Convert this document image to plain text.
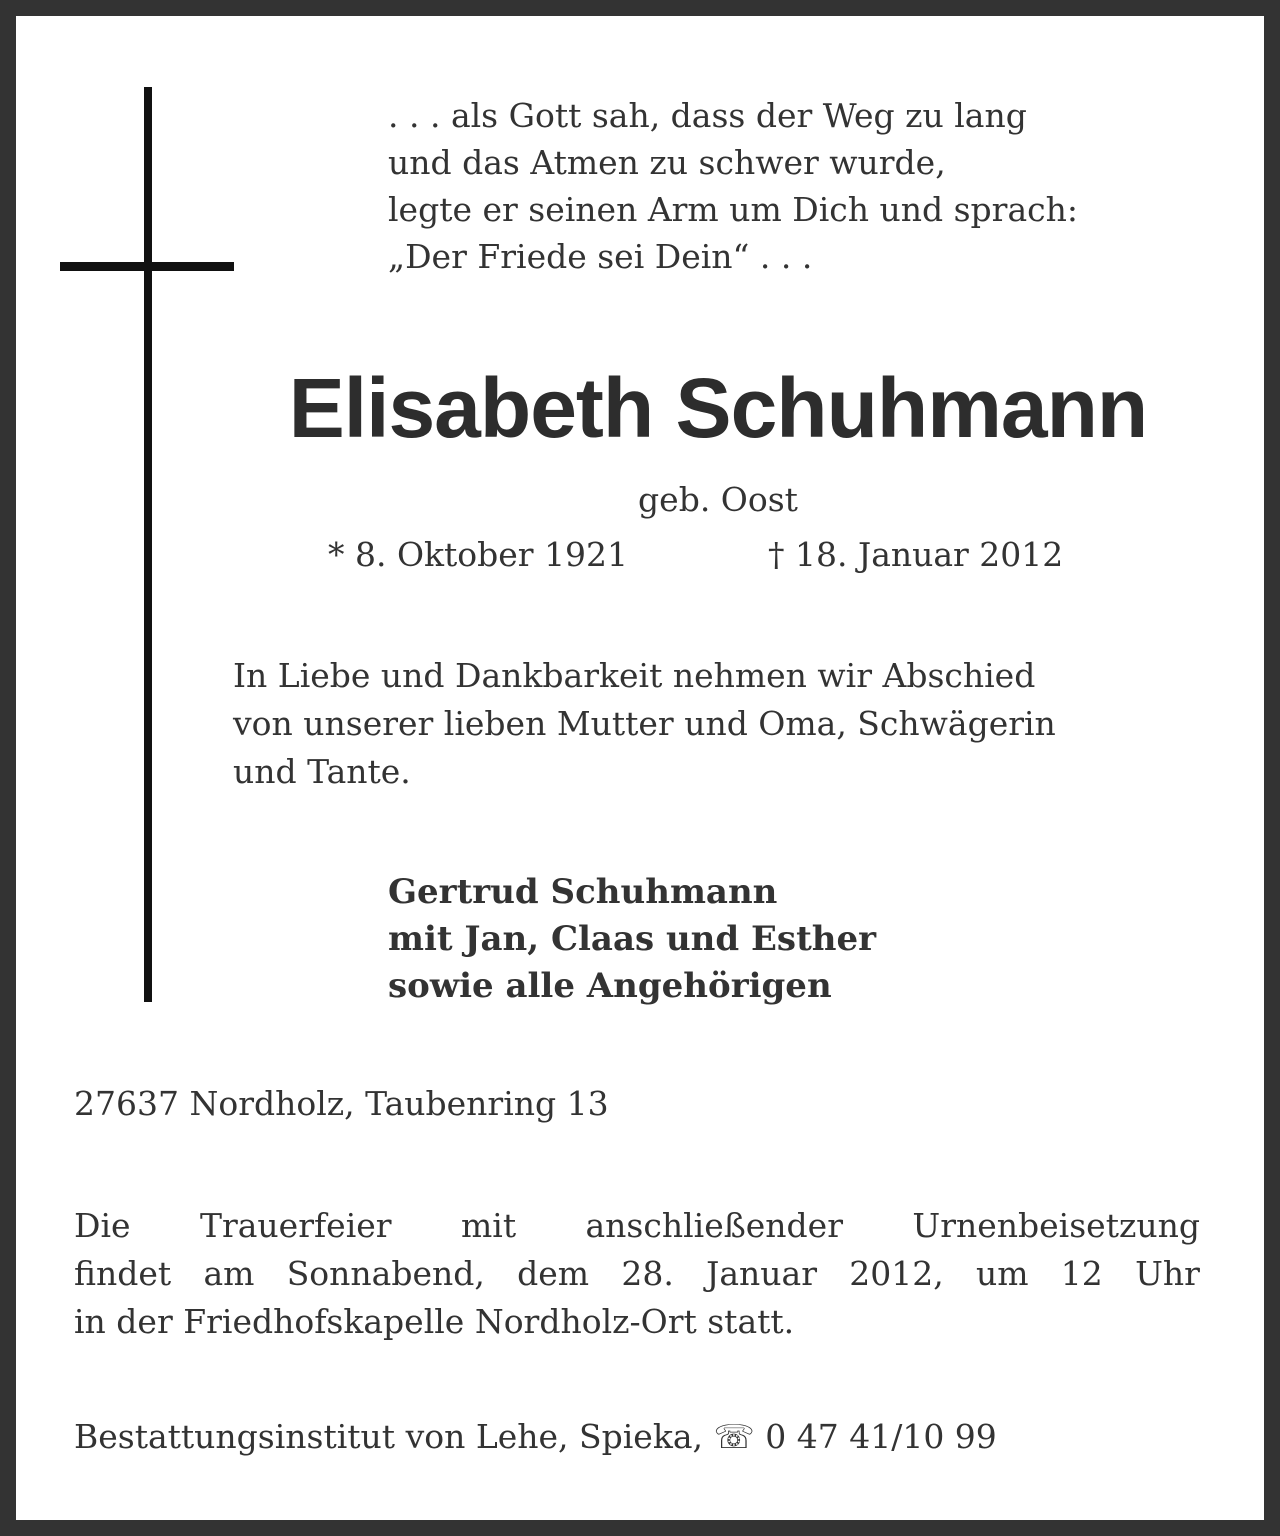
. . . als Gott sah, dass der Weg zu lang
und das Atmen zu schwer wurde,
legte er seinen Arm um Dich und sprach:
„Der Friede sei Dein“ . . .
Elisabeth Schuhmann
geb. Oost
* 8. Oktober 1921	† 18. Januar 2012
In Liebe und Dankbarkeit nehmen wir Abschied
von unserer lieben Mutter und Oma, Schwägerin
und Tante.
Gertrud Schuhmann
mit Jan, Claas und Esther
sowie alle Angehörigen
27637 Nordholz, Taubenring 13
Die Trauerfeier mit anschließender Urnenbeisetzung
findet am Sonnabend, dem 28. Januar 2012, um 12 Uhr
in der Friedhofskapelle Nordholz-Ort statt.
Bestattungsinstitut von Lehe, Spieka, ☏ 0 47 41/10 99
